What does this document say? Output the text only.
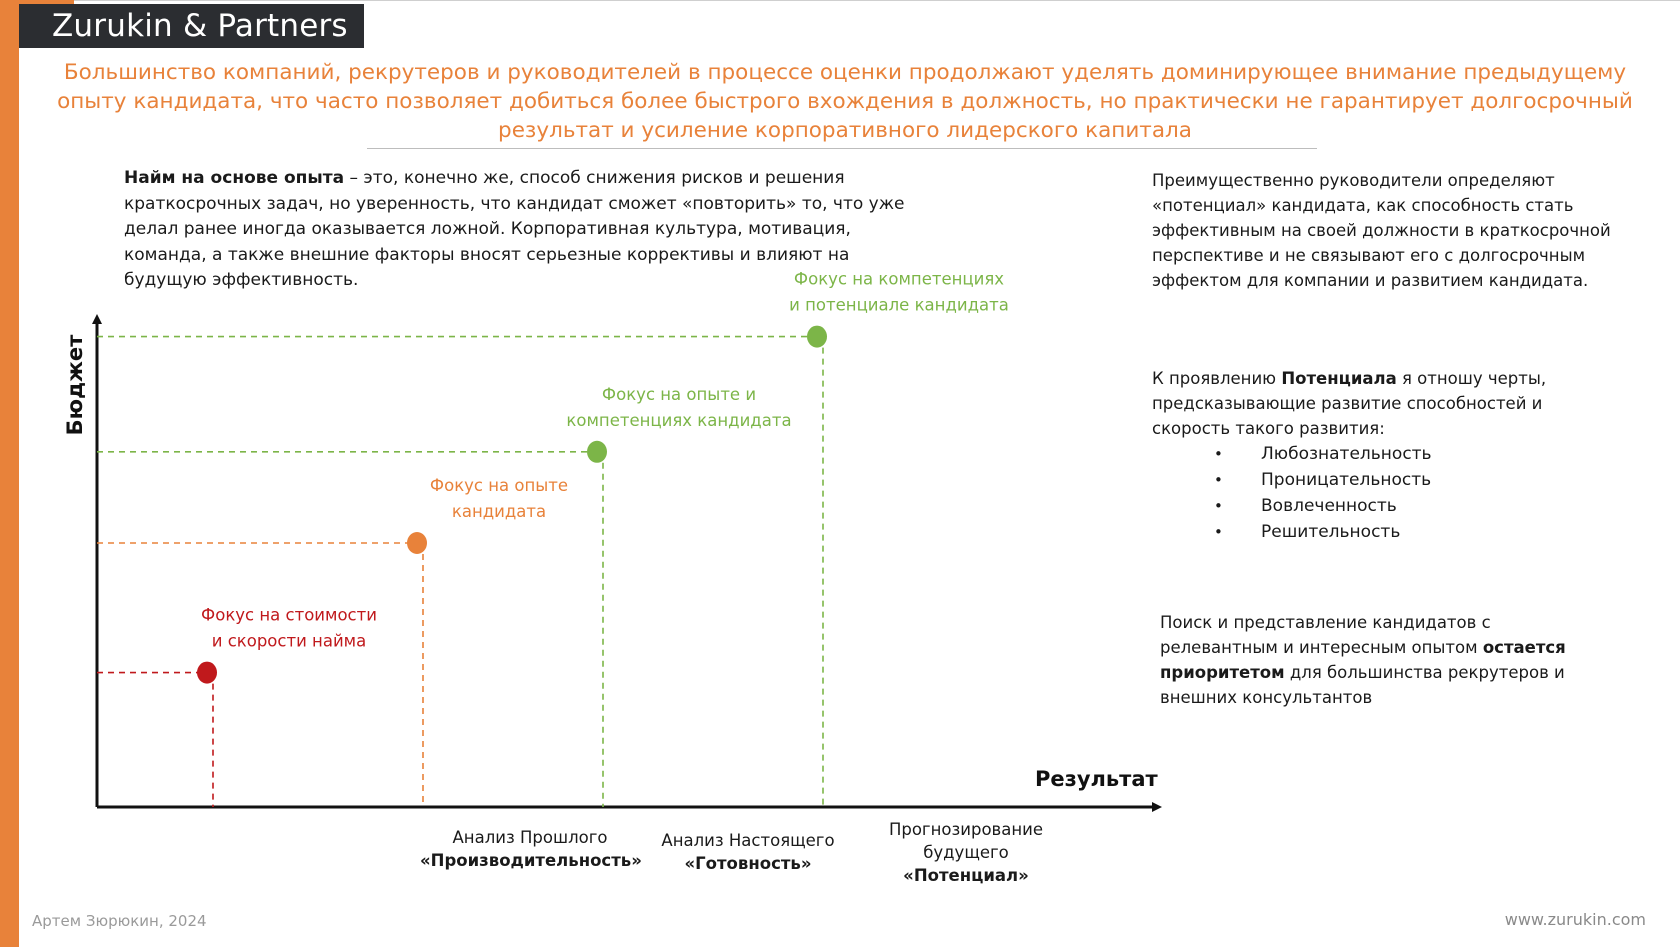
Zurukin & Partners
Большинство компаний, рекрутеров и руководителей в процессе оценки продолжают уделять доминирующее внимание предыдущему опыту кандидата, что часто позволяет добиться более быстрого вхождения в должность, но практически не гарантирует долгосрочный результат и усиление корпоративного лидерского капитала
Найм на основе опыта – это, конечно же, способ снижения рисков и решения краткосрочных задач, но уверенность, что кандидат сможет «повторить» то, что уже делал ранее иногда оказывается ложной. Корпоративная культура, мотивация, команда, а также внешние факторы вносят серьезные коррективы и влияют на будущую эффективность.
Преимущественно руководители определяют «потенциал» кандидата, как способность стать эффективным на своей должности в краткосрочной перспективе и не связывают его с долгосрочным эффектом для компании и развитием кандидата.
К проявлению Потенциала я отношу черты, предсказывающие развитие способностей и скорость такого развития:
• Любознательность
• Проницательность
• Вовлеченность
• Решительность
Поиск и представление кандидатов с релевантным и интересным опытом остается приоритетом для большинства рекрутеров и внешних консультантов
Бюджет
Результат
Фокус на стоимости и скорости найма
Фокус на опыте кандидата
Фокус на опыте и компетенциях кандидата
Фокус на компетенциях и потенциале кандидата
Анализ Прошлого
«Производительность»
Анализ Настоящего
«Готовность»
Прогнозирование
будущего
«Потенциал»
Артем Зюрюкин, 2024	www.zurukin.com
